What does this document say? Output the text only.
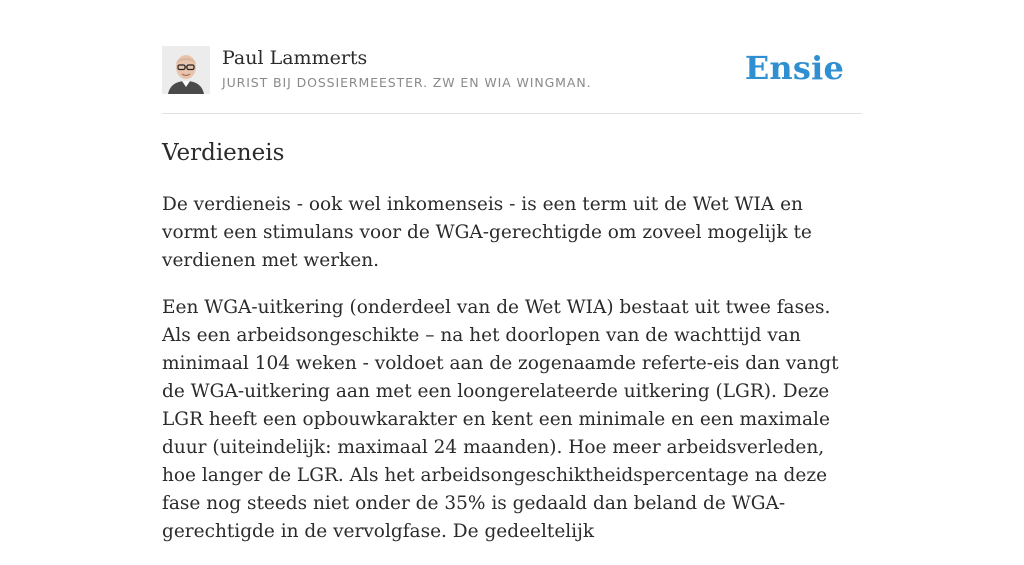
Paul Lammerts
JURIST BIJ DOSSIERMEESTER. ZW EN WIA WINGMAN.	Ensie
Verdieneis

De verdieneis - ook wel inkomenseis - is een term uit de Wet WIA en vormt een stimulans voor de WGA-gerechtigde om zoveel mogelijk te verdienen met werken.

Een WGA-uitkering (onderdeel van de Wet WIA) bestaat uit twee fases. Als een arbeidsongeschikte – na het doorlopen van de wachttijd van minimaal 104 weken - voldoet aan de zogenaamde referte-eis dan vangt de WGA-uitkering aan met een loongerelateerde uitkering (LGR). Deze LGR heeft een opbouwkarakter en kent een minimale en een maximale duur (uiteindelijk: maximaal 24 maanden). Hoe meer arbeidsverleden, hoe langer de LGR. Als het arbeidsongeschiktheidspercentage na deze fase nog steeds niet onder de 35% is gedaald dan beland de WGA-gerechtigde in de vervolgfase. De gedeeltelijk
